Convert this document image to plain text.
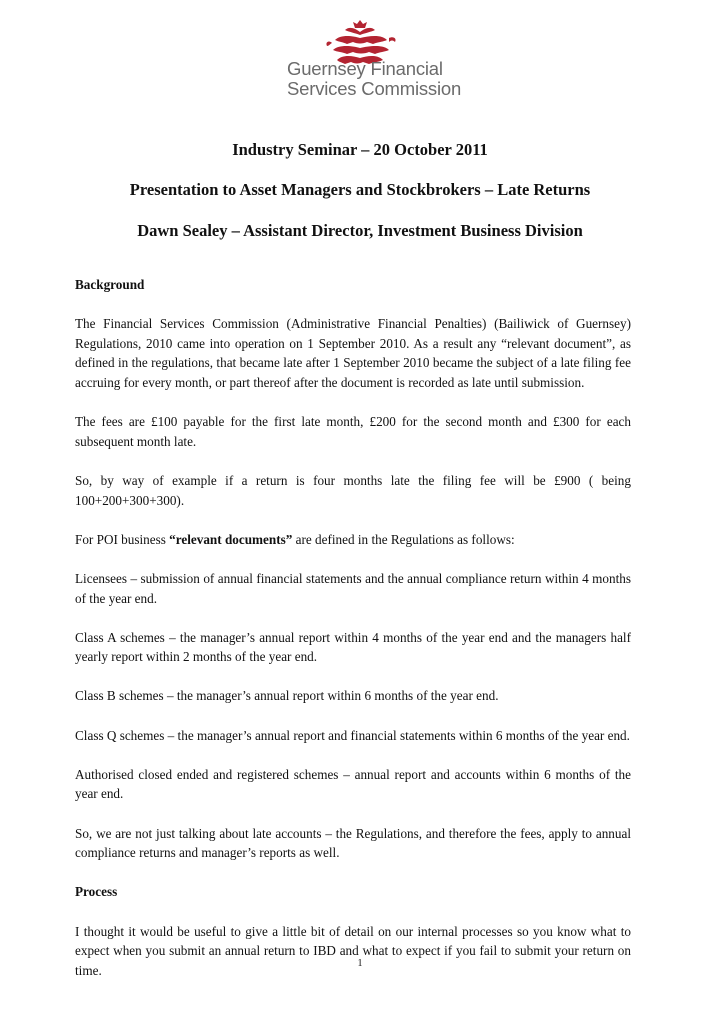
Guernsey Financial
Services Commission
Industry Seminar – 20 October 2011
Presentation to Asset Managers and Stockbrokers – Late Returns
Dawn Sealey – Assistant Director, Investment Business Division
Background

The Financial Services Commission (Administrative Financial Penalties) (Bailiwick of Guernsey) Regulations, 2010 came into operation on 1 September 2010. As a result any “relevant document”, as defined in the regulations, that became late after 1 September 2010 became the subject of a late filing fee accruing for every month, or part thereof after the document is recorded as late until submission.

The fees are £100 payable for the first late month, £200 for the second month and £300 for each subsequent month late.

So, by way of example if a return is four months late the filing fee will be £900 ( being 100+200+300+300).

For POI business “relevant documents” are defined in the Regulations as follows:

Licensees – submission of annual financial statements and the annual compliance return within 4 months of the year end.

Class A schemes – the manager’s annual report within 4 months of the year end and the managers half yearly report within 2 months of the year end.

Class B schemes – the manager’s annual report within 6 months of the year end.

Class Q schemes – the manager’s annual report and financial statements within 6 months of the year end.

Authorised closed ended and registered schemes – annual report and accounts within 6 months of the year end.

So, we are not just talking about late accounts – the Regulations, and therefore the fees, apply to annual compliance returns and manager’s reports as well.

Process

I thought it would be useful to give a little bit of detail on our internal processes so you know what to expect when you submit an annual return to IBD and what to expect if you fail to submit your return on time.	1
